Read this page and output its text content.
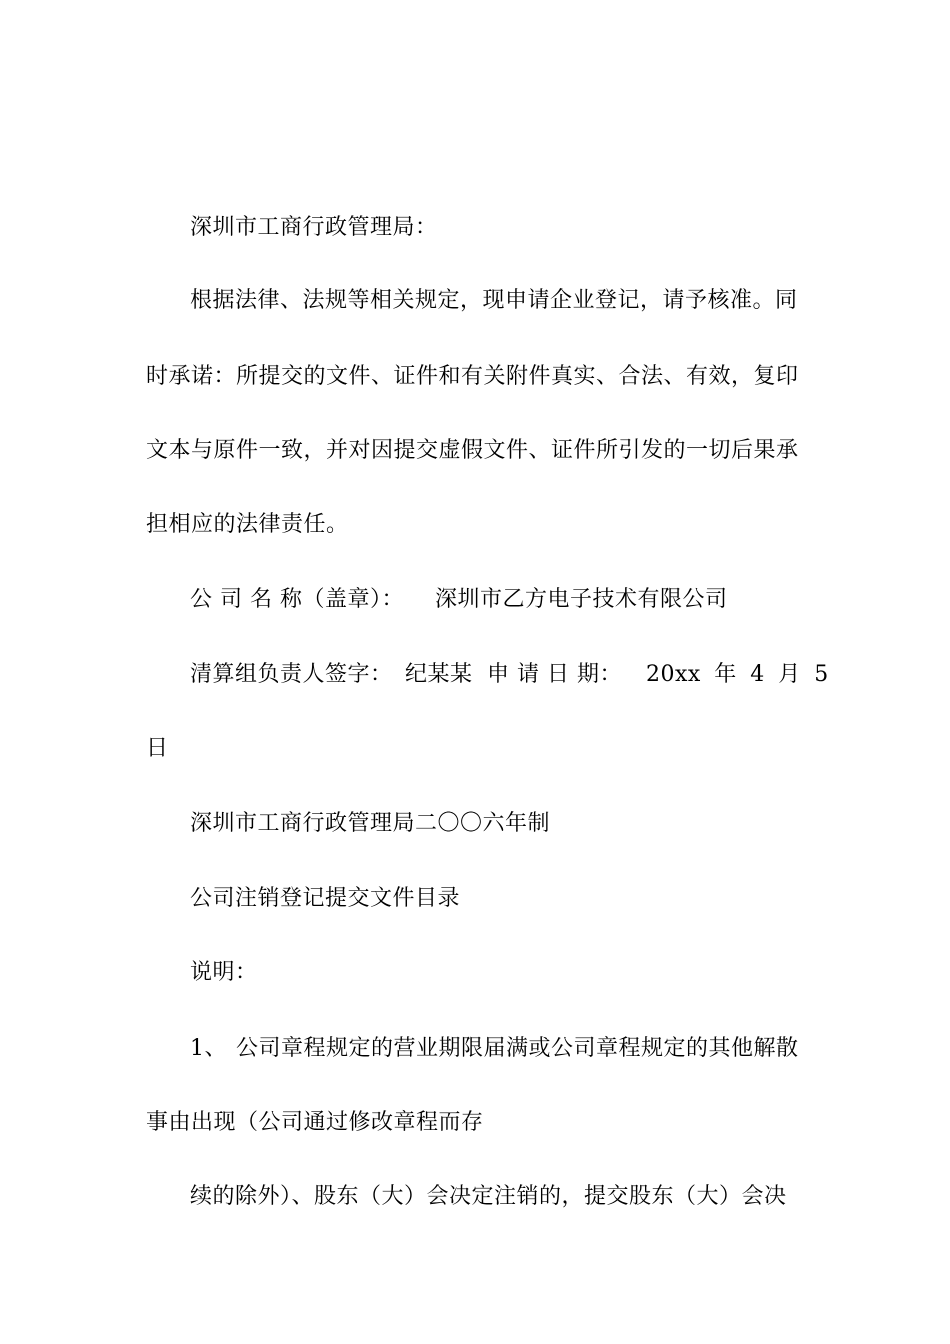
深圳市工商行政管理局：
根据法律、法规等相关规定，现申请企业登记，请予核准。同
时承诺：所提交的文件、证件和有关附件真实、合法、有效，复印
文本与原件一致，并对因提交虚假文件、证件所引发的一切后果承
担相应的法律责任。
公 司 名 称（盖章）： 深圳市乙方电子技术有限公司
清算组负责人签字： 纪某某 申 请 日 期： 20xx 年 4 月 5
日
深圳市工商行政管理局二〇〇六年制
公司注销登记提交文件目录
说明：
1、 公司章程规定的营业期限届满或公司章程规定的其他解散
事由出现（公司通过修改章程而存
续的除外）、股东（大）会决定注销的，提交股东（大）会决
